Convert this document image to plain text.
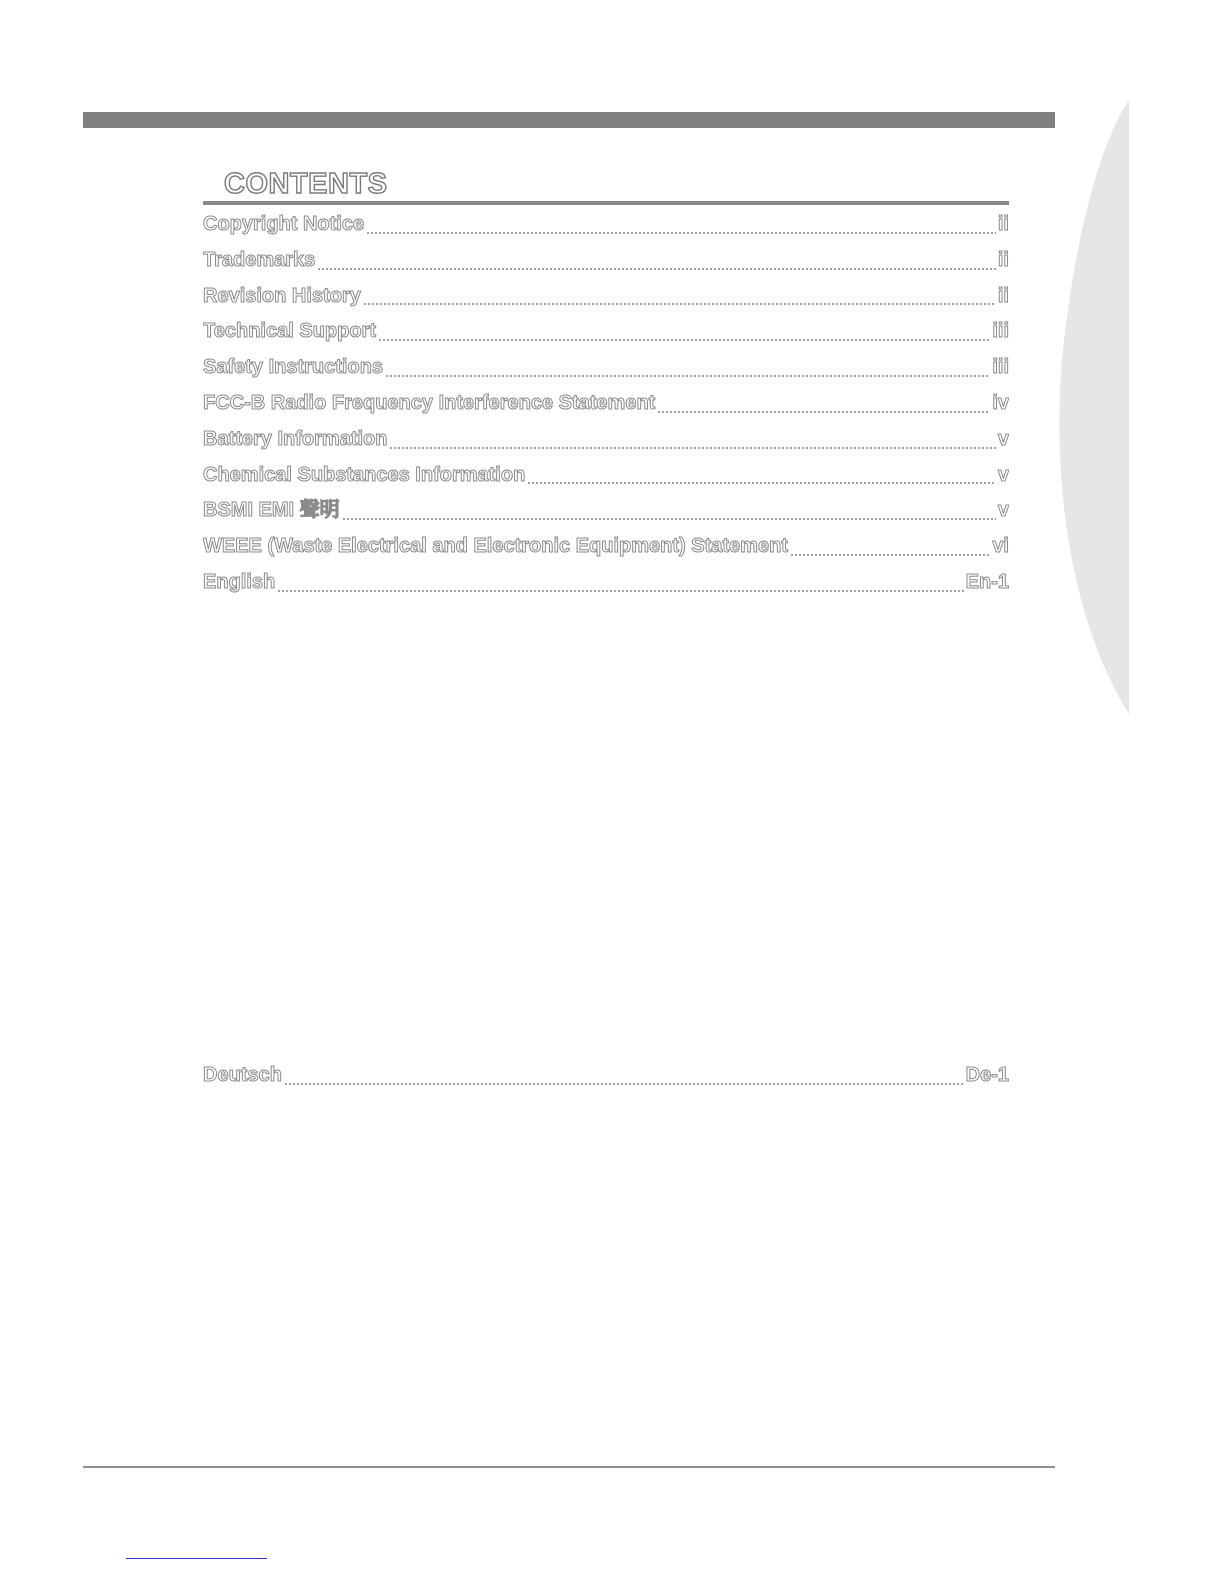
CONTENTS
Copyright Notice	ii
Trademarks	ii
Revision History	ii
Technical Support	iii
Safety Instructions	iii
FCC-B Radio Frequency Interference Statement	iv
Battery Information	v
Chemical Substances Information	v
BSMI EMI 聲明	v
WEEE (Waste Electrical and Electronic Equipment) Statement	vi
English	En-1
Deutsch	De-1
